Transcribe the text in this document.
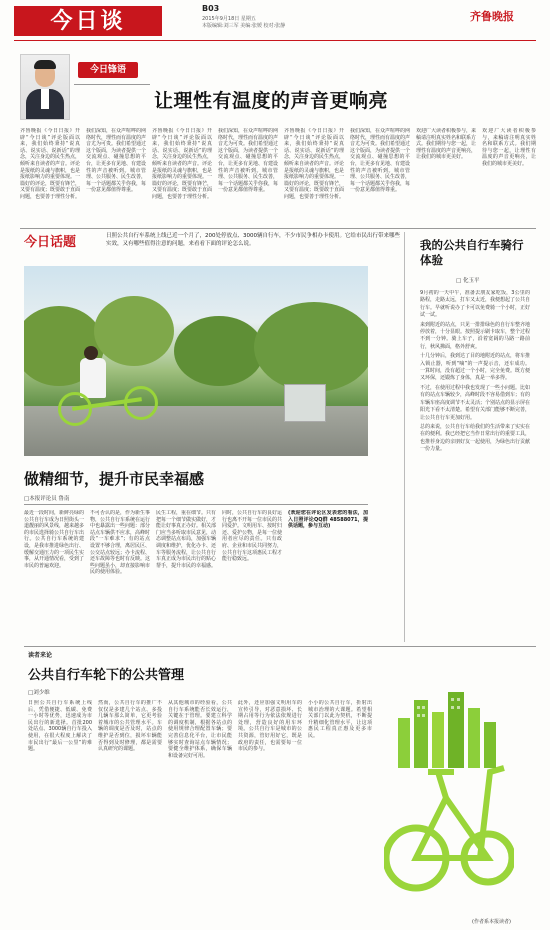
今日谈	B03
2015年9月18日 星期五
本版编辑:刘三军 美编:张媛 校对:张静
齐鲁晚报
今日锋语
让理性有温度的声音更响亮
齐鲁晚报《今日日报》开辟“今日谈”评论版面以来，我们始终秉持“说真话、说实话、说新话”的理念，关注身边的民生热点，倾听来自读者的声音。评论是报纸的灵魂与旗帜，也是报纸影响力的重要体现。一篇好的评论，既要有锋芒，又要有温度；既要敢于直面问题，也要善于理性分析。
我们深知，在众声喧哗的网络时代，理性而有温度的声音尤为可贵。我们希望通过这个版面，为读者提供一个交流观点、碰撞思想的平台，让更多有见地、有建设性的声音被听到。城市管理、公共服务、民生改善，每一个话题都关乎你我，每一份意见都值得尊重。
齐鲁晚报《今日日报》开辟“今日谈”评论版面以来，我们始终秉持“说真话、说实话、说新话”的理念，关注身边的民生热点，倾听来自读者的声音。评论是报纸的灵魂与旗帜，也是报纸影响力的重要体现。一篇好的评论，既要有锋芒，又要有温度；既要敢于直面问题，也要善于理性分析。
我们深知，在众声喧哗的网络时代，理性而有温度的声音尤为可贵。我们希望通过这个版面，为读者提供一个交流观点、碰撞思想的平台，让更多有见地、有建设性的声音被听到。城市管理、公共服务、民生改善，每一个话题都关乎你我，每一份意见都值得尊重。
齐鲁晚报《今日日报》开辟“今日谈”评论版面以来，我们始终秉持“说真话、说实话、说新话”的理念，关注身边的民生热点，倾听来自读者的声音。评论是报纸的灵魂与旗帜，也是报纸影响力的重要体现。一篇好的评论，既要有锋芒，又要有温度；既要敢于直面问题，也要善于理性分析。
我们深知，在众声喧哗的网络时代，理性而有温度的声音尤为可贵。我们希望通过这个版面，为读者提供一个交流观点、碰撞思想的平台，让更多有见地、有建设性的声音被听到。城市管理、公共服务、民生改善，每一个话题都关乎你我，每一份意见都值得尊重。
欢迎广大读者积极参与，来稿请注明真实姓名和联系方式。我们期待与您一起，让理性有温度的声音更响亮，让我们的城市更美好。
欢迎广大读者积极参与，来稿请注明真实姓名和联系方式。我们期待与您一起，让理性有温度的声音更响亮，让我们的城市更美好。
今日话题	日照公共自行车系统上线已近一个月了，200处停放点、3000辆自行车，不少市民争相办卡使用。它给市民出行带来哪些实效，又有哪些值得注意的问题，来看看下面的评论怎么说。
做精细节，提升市民幸福感
□本报评论员 鲁南
最近一段时间，新鲜亮绿的公共自行车成为日照街头一道靓丽的风景线，越来越多的市民选择骑公共自行车出行。公共自行车系统的建设，是我市推进绿色出行、缓解交通压力的一项民生实事，从开通情况看，受到了市民的普遍欢迎。
不可否认的是，作为新生事物，公共自行车系统在运行中也暴露出一些问题：部分站点车辆供不应求，高峰时段“一车难求”；有的站点设置不够合理，离居民区、公交站点较远；办卡流程、还车故障等也时有反映。这些问题虽小，却直接影响市民的使用体验。
民生工程，重在细节。只有把每一个细节做实做好，才能让好事真正办好。相关部门应当多听取市民意见，动态调整站点布局，加强车辆调度和维护，优化办卡、还车等服务流程，让公共自行车真正成为市民出行的贴心帮手，提升市民的幸福感。
同时，公共自行车的良好运行也离不开每一位市民的共同爱护。文明用车、按时归还、爱护公物，是每一位使用者应尽的责任。只有政府、企业和市民共同努力，公共自行车这项惠民工程才能行稳致远。
(欢迎您在评论区发表您的看法，加入日照评论QQ群 48588071，提供话题，参与互动)
我的公共自行车骑行体验
□ 化玉平

9月初的一天中午，准备去朋友家吃饭，3公里的路程，走路太远，打车又太近，我便想起了公共自行车。早就听说办了卡可以免费骑一个小时，正好试一试。

来到附近的站点，只见一排排绿色的自行车整齐地停放着，十分显眼。按照提示刷卡取车，整个过程不到一分钟。骑上车子，沿着宽阔的马路一路前行，秋风拂面，格外舒爽。

十几分钟后，我到达了目的地附近的站点，将车推入锁止器，听到“嘀”的一声提示音，还车成功。一算时间，没有超过一个小时，完全免费。既方便又环保，还锻炼了身体，真是一举多得。

不过，在使用过程中我也发现了一些小问题。比如有的站点车辆较少，高峰时段不容易借到车；有的车辆车座高度调节不太灵活；个别站点的显示屏在阳光下看不太清楚。希望有关部门能够不断完善，让公共自行车更加好用。

总的来说，公共自行车给我们的生活带来了实实在在的便利。我已经把它当作日常出行的重要工具，也推荐身边的亲朋好友一起使用，为绿色出行贡献一份力量。

(作者系本报读者)
读者来论
公共自行车轮下的公共管理
□刘少维
日照公共自行车系统上线后，凭借便捷、低碳、免费一小时等优势，迅速成为市民出行的新选择。首批200处站点、3000辆自行车投入使用，在很大程度上解决了市民出行“最后一公里”的难题。
然而，公共自行车的推广不仅仅是多建几个站点、多投几辆车那么简单，它更考验着城市的公共管理水平。车辆的调度是否及时，站点的维护是否到位，损坏车辆能否得到及时修理，都是需要认真研究的课题。
从其他城市的经验看，公共自行车系统能否长效运行，关键在于管理。要建立科学的调度机制，根据各站点的使用规律合理配置车辆；要完善信息化平台，让市民能够实时查询站点车辆情况；要健全维护体系，确保车辆和设备完好可用。
此外，还应加强文明用车的宣传引导，对恶意损坏、长期占用等行为依法依规进行处理，营造良好的用车环境。公共自行车是城市的公共资源，管好用好它，既是政府的责任，也需要每一位市民的参与。
小小的公共自行车，折射出城市治理的大课题。希望相关部门以此为契机，不断提升精细化管理水平，让这项惠民工程真正惠及更多市民。
